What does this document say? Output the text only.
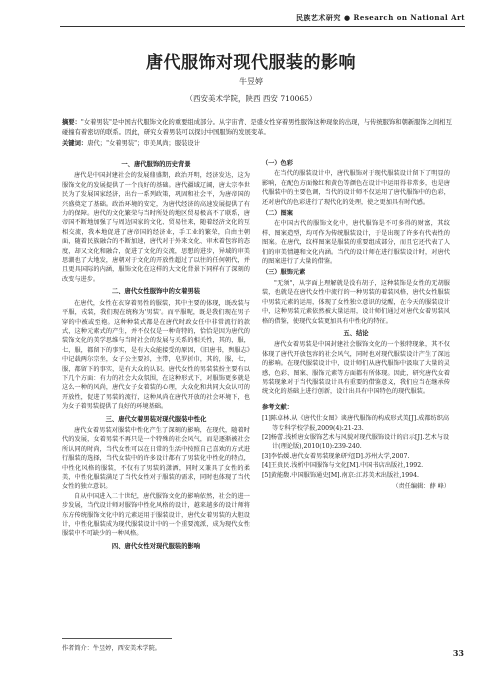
民族艺术研究 ● Research on National Art
唐代服饰对现代服装的影响
牛昱婷
（西安美术学院，陕西 西安 710065）
摘要："女着男装"是中国古代服饰文化的重要组成部分。从宇宙背、是盛女性穿着男性服饰这种现象的出现，与传统服饰和朝新服饰之间相互碰撞有着密切的联系。因此，研究女着男装可以探讨中国服饰的发展变革。
关键词：唐代；"女着男装"；审美风尚；服装设计
一、唐代服饰的历史背景

唐代是中国封建社会的发展鼎盛期，政治开明，经济发达，这为服饰文化的发展提供了一个良好的基础。唐代疆域辽阔，唐太宗李世民为了发展国家经济，出台一系列政策，巩固和社会平，为唐帝国的兴盛奠定了基础。政治环境的安定，为唐代经济的高速发展提供了有力的保障。唐代的文化繁荣与当时所处的地区贸易极高不了联系，唐帝国不断地加强了与周边国家的文化、贸易往来，随着经济文化的互相交流，我本地促进了唐帝国的经济业，手工业的繁荣，自由主朝面，随着民族融合的不断加速，唐代对于外来文化、审术着包容的态度，却又文化和融合，促进了文化的交流，思想的进步，异域的审美思潮也了大地发，唐朝对于文化的开放性超过了以往的任何朝代，并且更具国际的内涵，服饰文化在这样的大文化背景下同样有了深刻的改变与进步。

二、唐代女性服饰中的女着男装

在唐代，女性在衣穿着男性的服装，其中主要的体现，既改装与平服，戎装，我们现在统称为'男装'。而平服呢，既是我们现在男子穿的中被或至袍。这种种装式都是在唐代时政女任中非常流行的款式，这种元素式的产生，并不仅仅是一种奇特的，恰恰是因为唐代的装饰文化的美学思维与当时社会的发展与关系的相关性，其的，服，七，服，都留下的事实，是有大众能接受的原因，《旧唐书，舆服志》中记载两尔宗坐，女子公主要衫，主带，皂罗折巾，其的，服，七，服，都留下的事实，是有大众的认识。唐代女性的男装装扮主要有以下几个方面：有力的社会大众氛围，在这种形式下，对服饰更多就是这么一种的风尚，唐代女子女着装的心理，大众化和共同大众认可的开放性，促进了男装的流行，这种风尚在唐代开放的社会环境下，也为女子着男装提供了良好的环境基础。

三、唐代女着男装对现代服装中性化

唐代女着男装对服装中性化产生了深刻的影响，在现代，随着时代的发展，女着男装不再只是一个特殊的社会风气，而是逐渐被社会所认同的时尚，当代女性可以在日常的生活中按照自己喜欢的方式进行服装的选择，当代女装中的许多设计都有了男装化中性化的特点，中性化风格的服装，不仅有了男装的潇洒，同时又兼具了女性的柔美，中性化服装满足了当代女性对于服装的需求，同时也体现了当代女性的独立意识。

自从中国进入二十世纪，唐代服饰文化的影响依然，社会的进一步发展，当代设计师对服饰中性化风格的设计，越来越多的设计师将东方传统服饰文化中的元素运用于服装设计，唐代女着男装的大胆设计，中性化服装成为现代服装设计中的一个重要流派，成为现代女性服装中不可缺少的一种风格。

四、唐代女性对现代服装的影响
（一）色彩

在当代的服装设计中，唐代服饰对于现代服装设计留下了明显的影响，在配色方面像红和黄色等颜色在设计中运用得非常多，也是唐代服装中的主要色调，当代的设计师不仅运用了唐代服饰中的色彩，还对唐代的色彩进行了现代化的处理，使之更加具有时代感。

（二）图案

在中国古代的服饰文化中，唐代服饰是不可多得的财富，其纹样、图案造型，均可作为传统服装设计，于是出现了许多有代表性的图案。在唐代，纹样图案是服装的重要组成部分，而且它还代表了人们的审美情趣和文化内涵。当代的设计师在进行服装设计时，对唐代的图案进行了大量的借鉴。

（三）服饰元素

"无须"，从字面上理解就是没有胡子，这种装饰是女性的无胡服装，也就是在唐代女性中流行的一种男装的着装风格，唐代女性服装中男装元素的运用，体现了女性独立意识的觉醒，在今天的服装设计中，这种男装元素依然被大量运用，设计师们通过对唐代女着男装风格的借鉴，使现代女装更加具有中性化的特征。

五、结论

唐代女着男装是中国封建社会服饰文化的一个独特现象，其不仅体现了唐代开放包容的社会风气，同时也对现代服装设计产生了深远的影响。在现代服装设计中，设计师们从唐代服饰中汲取了大量的灵感，色彩、图案、服饰元素等方面都有所体现。因此，研究唐代女着男装现象对于当代服装设计具有重要的借鉴意义，我们应当在继承传统文化的基础上进行创新，设计出具有中国特色的现代服装。

参考文献：

[1]陈卓林.从《唐代仕女图》谈唐代服饰的构成形式美[J].成都纺织高等专科学校学报,2009(4):21-23.

[2]杨蕾.浅析唐女服饰艺术与风貌对现代服饰设计的启示[J].艺术与设计(理论版),2010(10):239-240.

[3]李怡媛.唐代女着男装现象研究[D].苏州大学,2007.

[4]王贵民.浅析中国服饰与文化[M].中国书店出版社,1992.

[5]黄能馥.中国服饰通史[M].南京:江苏美术出版社,1994.

（责任编辑：薛 峰）
作者简介：牛昱婷，西安美术学院。	33
